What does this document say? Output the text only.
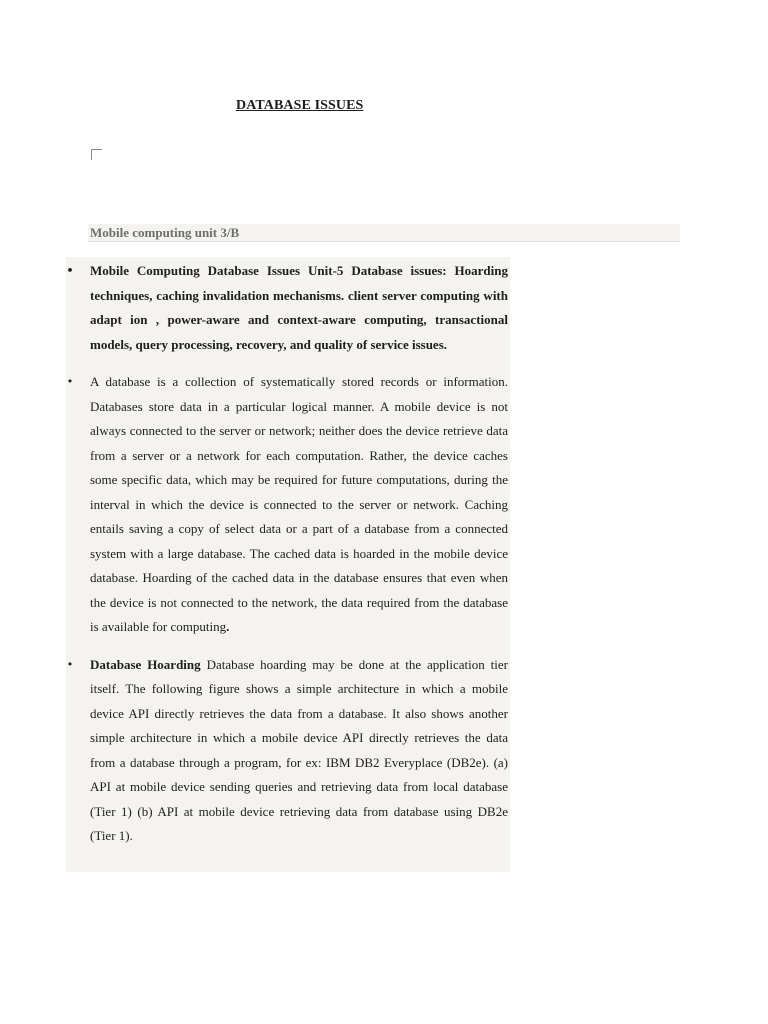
DATABASE ISSUES

Mobile computing unit 3/B

• Mobile Computing Database Issues Unit-5 Database issues: Hoarding techniques, caching invalidation mechanisms. client server computing with adapt ion , power-aware and context-aware computing, transactional models, query processing, recovery, and quality of service issues.
• A database is a collection of systematically stored records or information. Databases store data in a particular logical manner. A mobile device is not always connected to the server or network; neither does the device retrieve data from a server or a network for each computation. Rather, the device caches some specific data, which may be required for future computations, during the interval in which the device is connected to the server or network. Caching entails saving a copy of select data or a part of a database from a connected system with a large database. The cached data is hoarded in the mobile device database. Hoarding of the cached data in the database ensures that even when the device is not connected to the network, the data required from the database is available for computing.
• Database Hoarding Database hoarding may be done at the application tier itself. The following figure shows a simple architecture in which a mobile device API directly retrieves the data from a database. It also shows another simple architecture in which a mobile device API directly retrieves the data from a database through a program, for ex: IBM DB2 Everyplace (DB2e). (a) API at mobile device sending queries and retrieving data from local database (Tier 1) (b) API at mobile device retrieving data from database using DB2e (Tier 1).
